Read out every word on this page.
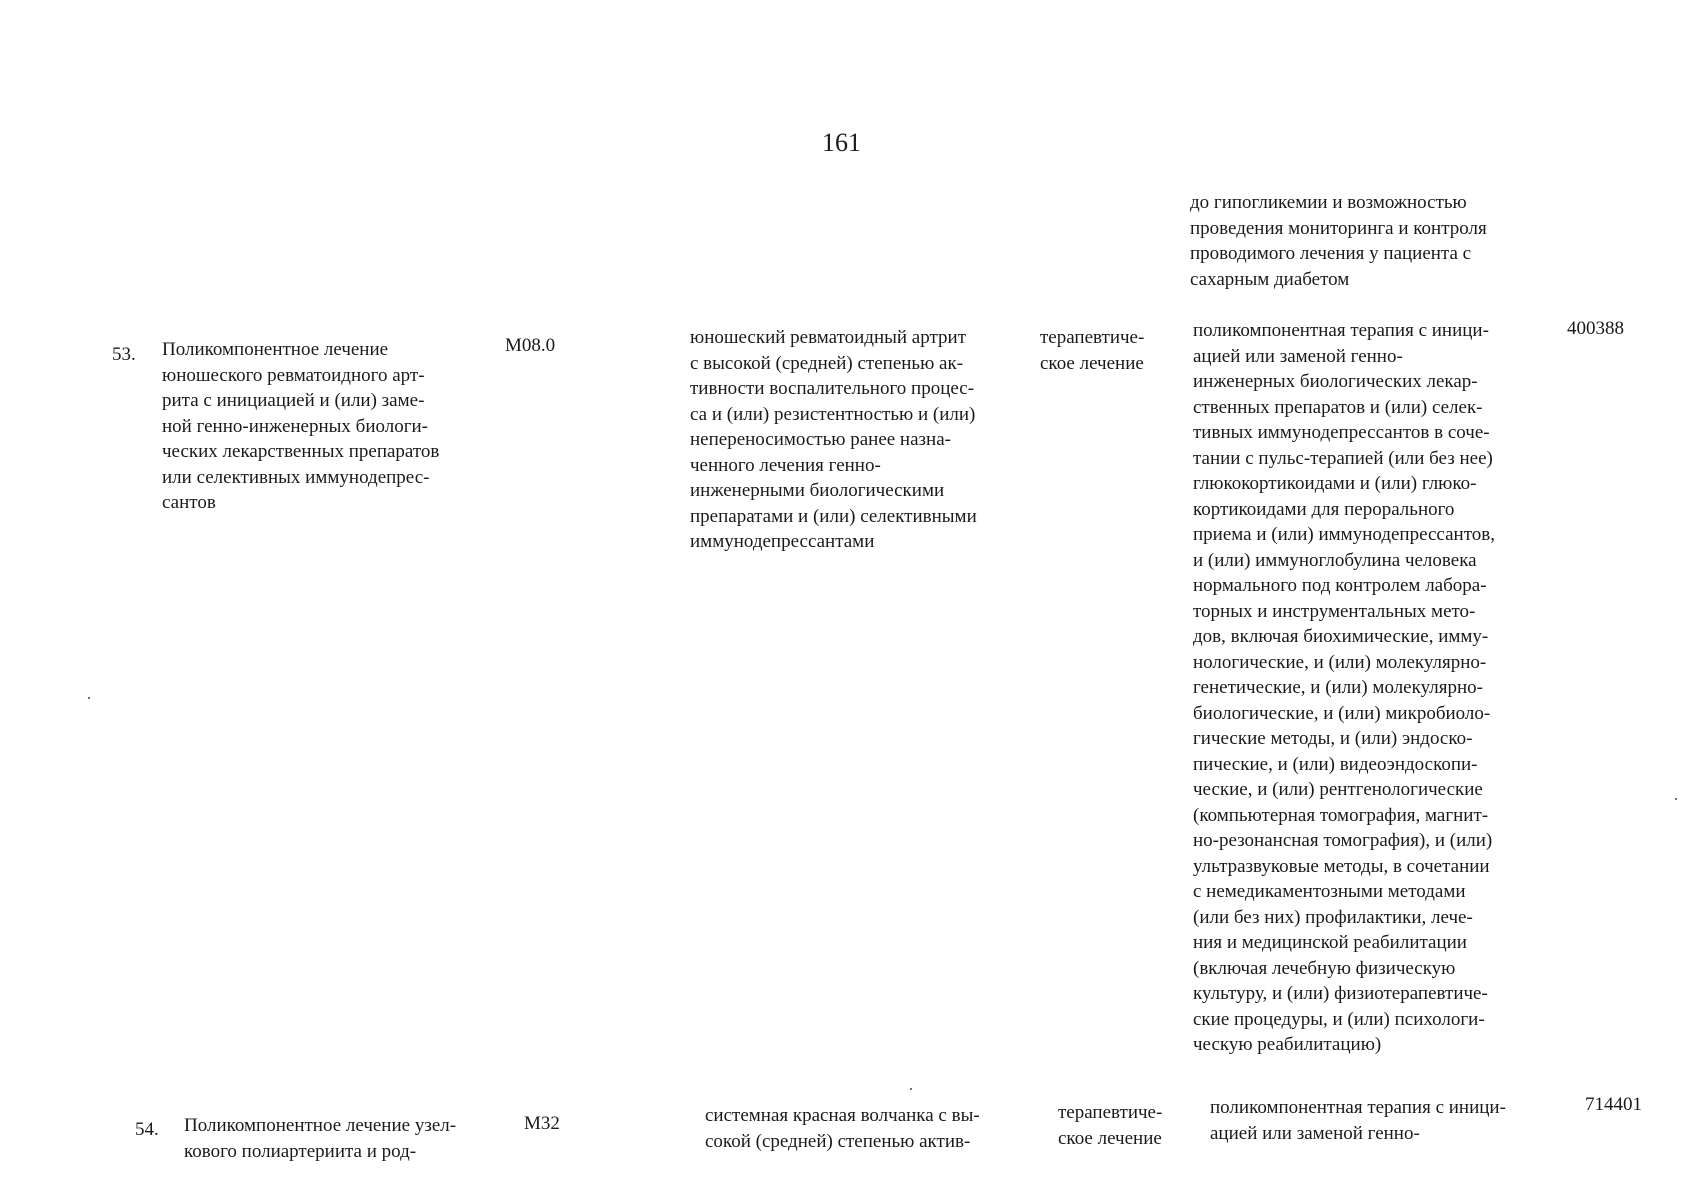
161
до гипогликемии и возможностью
проведения мониторинга и контроля
проводимого лечения у пациента с
сахарным диабетом
53. Поликомпонентное лечение
юношеского ревматоидного арт-
рита с инициацией и (или) заме-
ной генно-инженерных биологи-
ческих лекарственных препаратов
или селективных иммунодепрес-
сантов
M08.0	юношеский ревматоидный артрит
с высокой (средней) степенью ак-
тивности воспалительного процес-
са и (или) резистентностью и (или)
непереносимостью ранее назна-
ченного лечения генно-
инженерными биологическими
препаратами и (или) селективными
иммунодепрессантами
терапевтиче-
ское лечение
поликомпонентная терапия с иници-
ацией или заменой генно-
инженерных биологических лекар-
ственных препаратов и (или) селек-
тивных иммунодепрессантов в соче-
тании с пульс-терапией (или без нее)
глюкокортикоидами и (или) глюко-
кортикоидами для перорального
приема и (или) иммунодепрессантов,
и (или) иммуноглобулина человека
нормального под контролем лабора-
торных и инструментальных мето-
дов, включая биохимические, имму-
нологические, и (или) молекулярно-
генетические, и (или) молекулярно-
биологические, и (или) микробиоло-
гические методы, и (или) эндоско-
пические, и (или) видеоэндоскопи-
ческие, и (или) рентгенологические
(компьютерная томография, магнит-
но-резонансная томография), и (или)
ультразвуковые методы, в сочетании
с немедикаментозными методами
(или без них) профилактики, лече-
ния и медицинской реабилитации
(включая лечебную физическую
культуру, и (или) физиотерапевтиче-
ские процедуры, и (или) психологи-
ческую реабилитацию)
400388
54. Поликомпонентное лечение узел-
кового полиартериита и род-
M32	системная красная волчанка с вы-
сокой (средней) степенью актив-
терапевтиче-
ское лечение
поликомпонентная терапия с иници-
ацией или заменой генно-
714401
